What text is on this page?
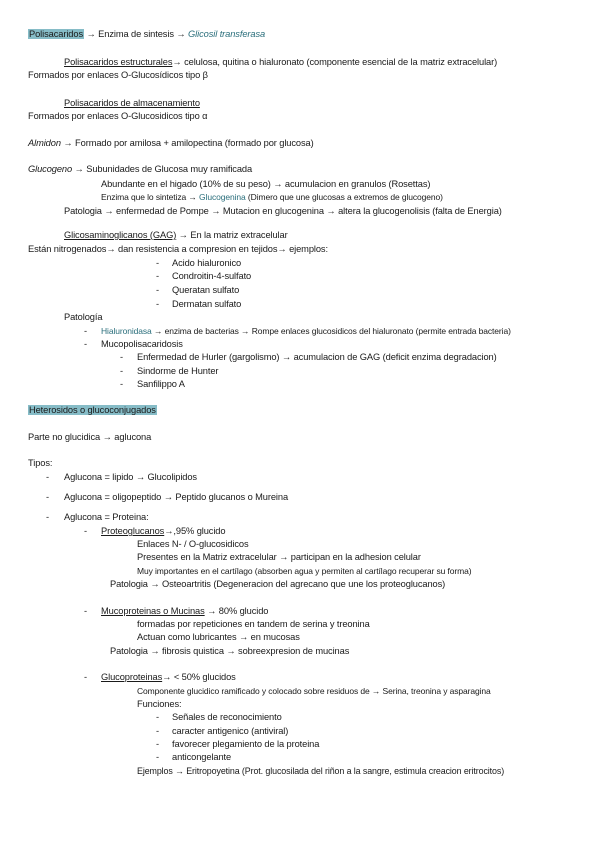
Polisacaridos → Enzima de sintesis → Glicosil transferasa
Polisacaridos estructurales→ celulosa, quitina o hialuronato (componente esencial de la matriz extracelular)
Formados por enlaces O-Glucosídicos tipo β
Polisacaridos de almacenamiento
Formados por enlaces O-Glucosidicos tipo α
Almidon → Formado por amilosa + amilopectina (formado por glucosa)
Glucogeno → Subunidades de Glucosa muy ramificada
Abundante en el higado (10% de su peso) → acumulacion en granulos (Rosettas)
Enzima que lo sintetiza → Glucogenina (Dimero que une glucosas a extremos de glucogeno)
Patologia → enfermedad de Pompe → Mutacion en glucogenina → altera la glucogenolisis (falta de Energia)
Glicosaminoglicanos (GAG) → En la matriz extracelular
Están nitrogenados→ dan resistencia a compresion en tejidos→ ejemplos:
- Acido hialuronico
- Condroitin-4-sulfato
- Queratan sulfato
- Dermatan sulfato
Patología
- Hialuronidasa → enzima de bacterias → Rompe enlaces glucosidicos del hialuronato (permite entrada bacteria)
- Mucopolisacaridosis
- Enfermedad de Hurler (gargolismo) → acumulacion de GAG (deficit enzima degradacion)
- Sindorme de Hunter
- Sanfilippo A
Heterosidos o glucoconjugados
Parte no glucidica → aglucona
Tipos:
- Aglucona = lipido → Glucolipidos
- Aglucona = oligopeptido → Peptido glucanos o Mureina
- Aglucona = Proteina:
- Proteoglucanos→,95% glucido
Enlaces N- / O-glucosidicos
Presentes en la Matriz extracelular → participan en la adhesion celular
Muy importantes en el cartílago (absorben agua y permiten al cartílago recuperar su forma)
Patologia → Osteoartritis (Degeneracion del agrecano que une los proteoglucanos)
- Mucoproteinas o Mucinas → 80% glucido
formadas por repeticiones en tandem de serina y treonina
Actuan como lubricantes → en mucosas
Patologia → fibrosis quistica → sobreexpresion de mucinas
- Glucoproteinas→ < 50% glucidos
Componente glucidico ramificado y colocado sobre residuos de → Serina, treonina y asparagina
Funciones:
- Señales de reconocimiento
- caracter antigenico (antiviral)
- favorecer plegamiento de la proteina
- anticongelante
Ejemplos → Eritropoyetina (Prot. glucosilada del riñon a la sangre, estimula creacion eritrocitos)
